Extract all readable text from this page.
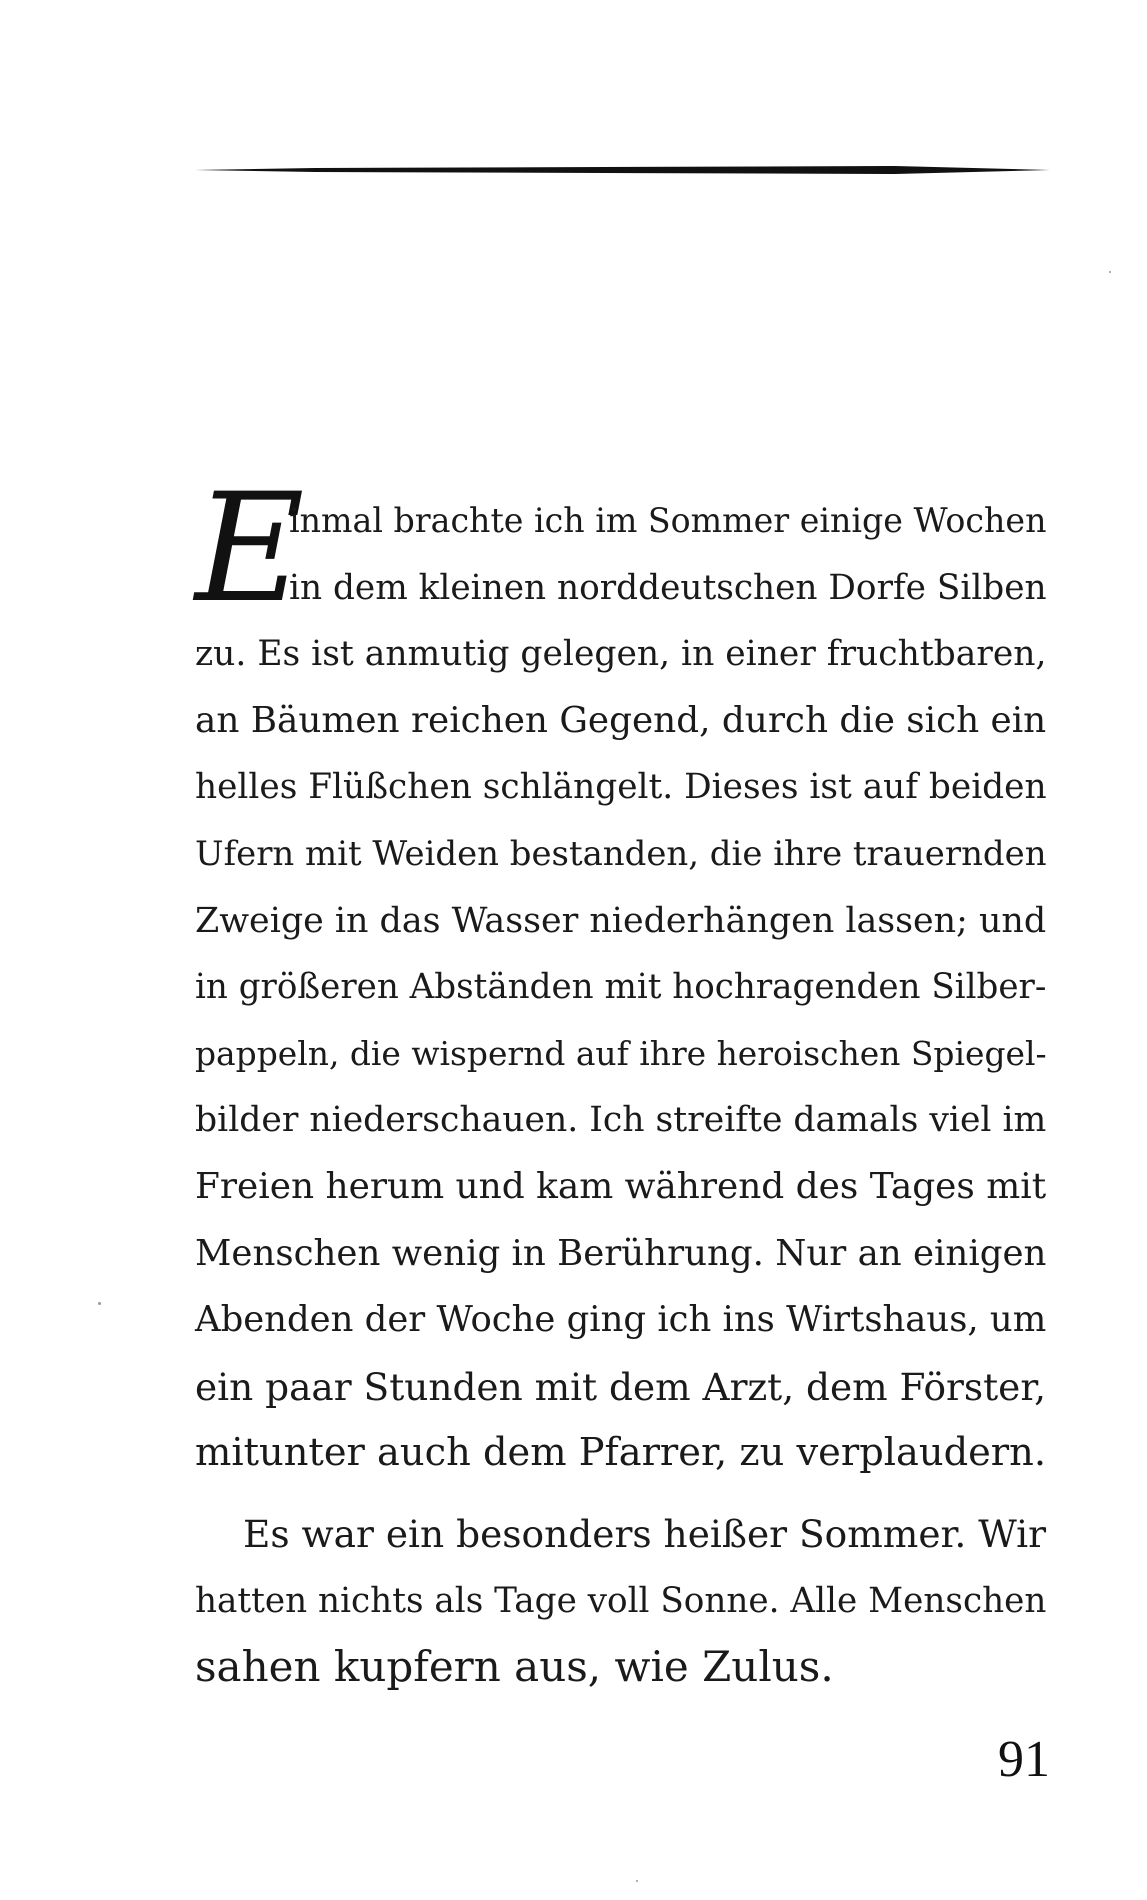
E
inmal brachte ich im Sommer einige Wochen
in dem kleinen norddeutschen Dorfe Silben
zu. Es ist anmutig gelegen, in einer fruchtbaren,
an Bäumen reichen Gegend, durch die sich ein
helles Flüßchen schlängelt. Dieses ist auf beiden
Ufern mit Weiden bestanden, die ihre trauernden
Zweige in das Wasser niederhängen lassen; und
in größeren Abständen mit hochragenden Silber-
pappeln, die wispernd auf ihre heroischen Spiegel-
bilder niederschauen. Ich streifte damals viel im
Freien herum und kam während des Tages mit
Menschen wenig in Berührung. Nur an einigen
Abenden der Woche ging ich ins Wirtshaus, um
ein paar Stunden mit dem Arzt, dem Förster,
mitunter auch dem Pfarrer, zu verplaudern.
Es war ein besonders heißer Sommer. Wir
hatten nichts als Tage voll Sonne. Alle Menschen
sahen kupfern aus, wie Zulus.
91
